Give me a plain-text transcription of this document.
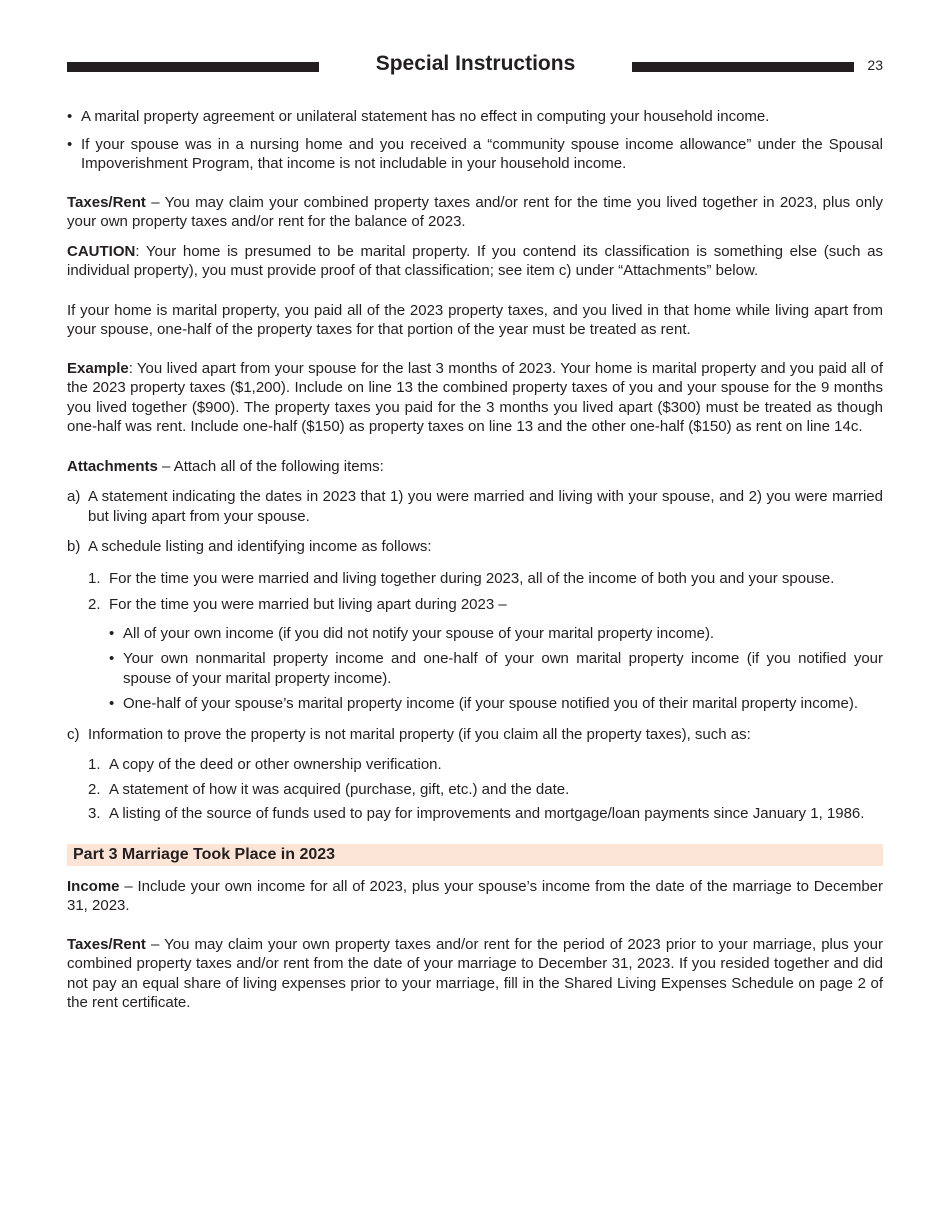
Special Instructions	23
• A marital property agreement or unilateral statement has no effect in computing your household income.
• If your spouse was in a nursing home and you received a “community spouse income allowance” under the Spousal Impoverishment Program, that income is not includable in your household income.

Taxes/Rent – You may claim your combined property taxes and/or rent for the time you lived together in 2023, plus only your own property taxes and/or rent for the balance of 2023.

CAUTION: Your home is presumed to be marital property. If you contend its classification is something else (such as individual property), you must provide proof of that classification; see item c) under “Attachments” below.

If your home is marital property, you paid all of the 2023 property taxes, and you lived in that home while living apart from your spouse, one-half of the property taxes for that portion of the year must be treated as rent.

Example: You lived apart from your spouse for the last 3 months of 2023. Your home is marital property and you paid all of the 2023 property taxes ($1,200). Include on line 13 the combined property taxes of you and your spouse for the 9 months you lived together ($900). The property taxes you paid for the 3 months you lived apart ($300) must be treated as though one-half was rent. Include one-half ($150) as property taxes on line 13 and the other one-half ($150) as rent on line 14c.

Attachments – Attach all of the following items:

a) A statement indicating the dates in 2023 that 1) you were married and living with your spouse, and 2) you were married but living apart from your spouse.
b) A schedule listing and identifying income as follows:
1. For the time you were married and living together during 2023, all of the income of both you and your spouse.
2. For the time you were married but living apart during 2023 –
• All of your own income (if you did not notify your spouse of your marital property income).
• Your own nonmarital property income and one-half of your own marital property income (if you notified your spouse of your marital property income).
• One-half of your spouse’s marital property income (if your spouse notified you of their marital property income).
c) Information to prove the property is not marital property (if you claim all the property taxes), such as:
1. A copy of the deed or other ownership verification.
2. A statement of how it was acquired (purchase, gift, etc.) and the date.
3. A listing of the source of funds used to pay for improvements and mortgage/loan payments since January 1, 1986.
Part 3 Marriage Took Place in 2023

Income – Include your own income for all of 2023, plus your spouse’s income from the date of the marriage to December 31, 2023.

Taxes/Rent – You may claim your own property taxes and/or rent for the period of 2023 prior to your marriage, plus your combined property taxes and/or rent from the date of your marriage to December 31, 2023. If you resided together and did not pay an equal share of living expenses prior to your marriage, fill in the Shared Living Expenses Schedule on page 2 of the rent certificate.
